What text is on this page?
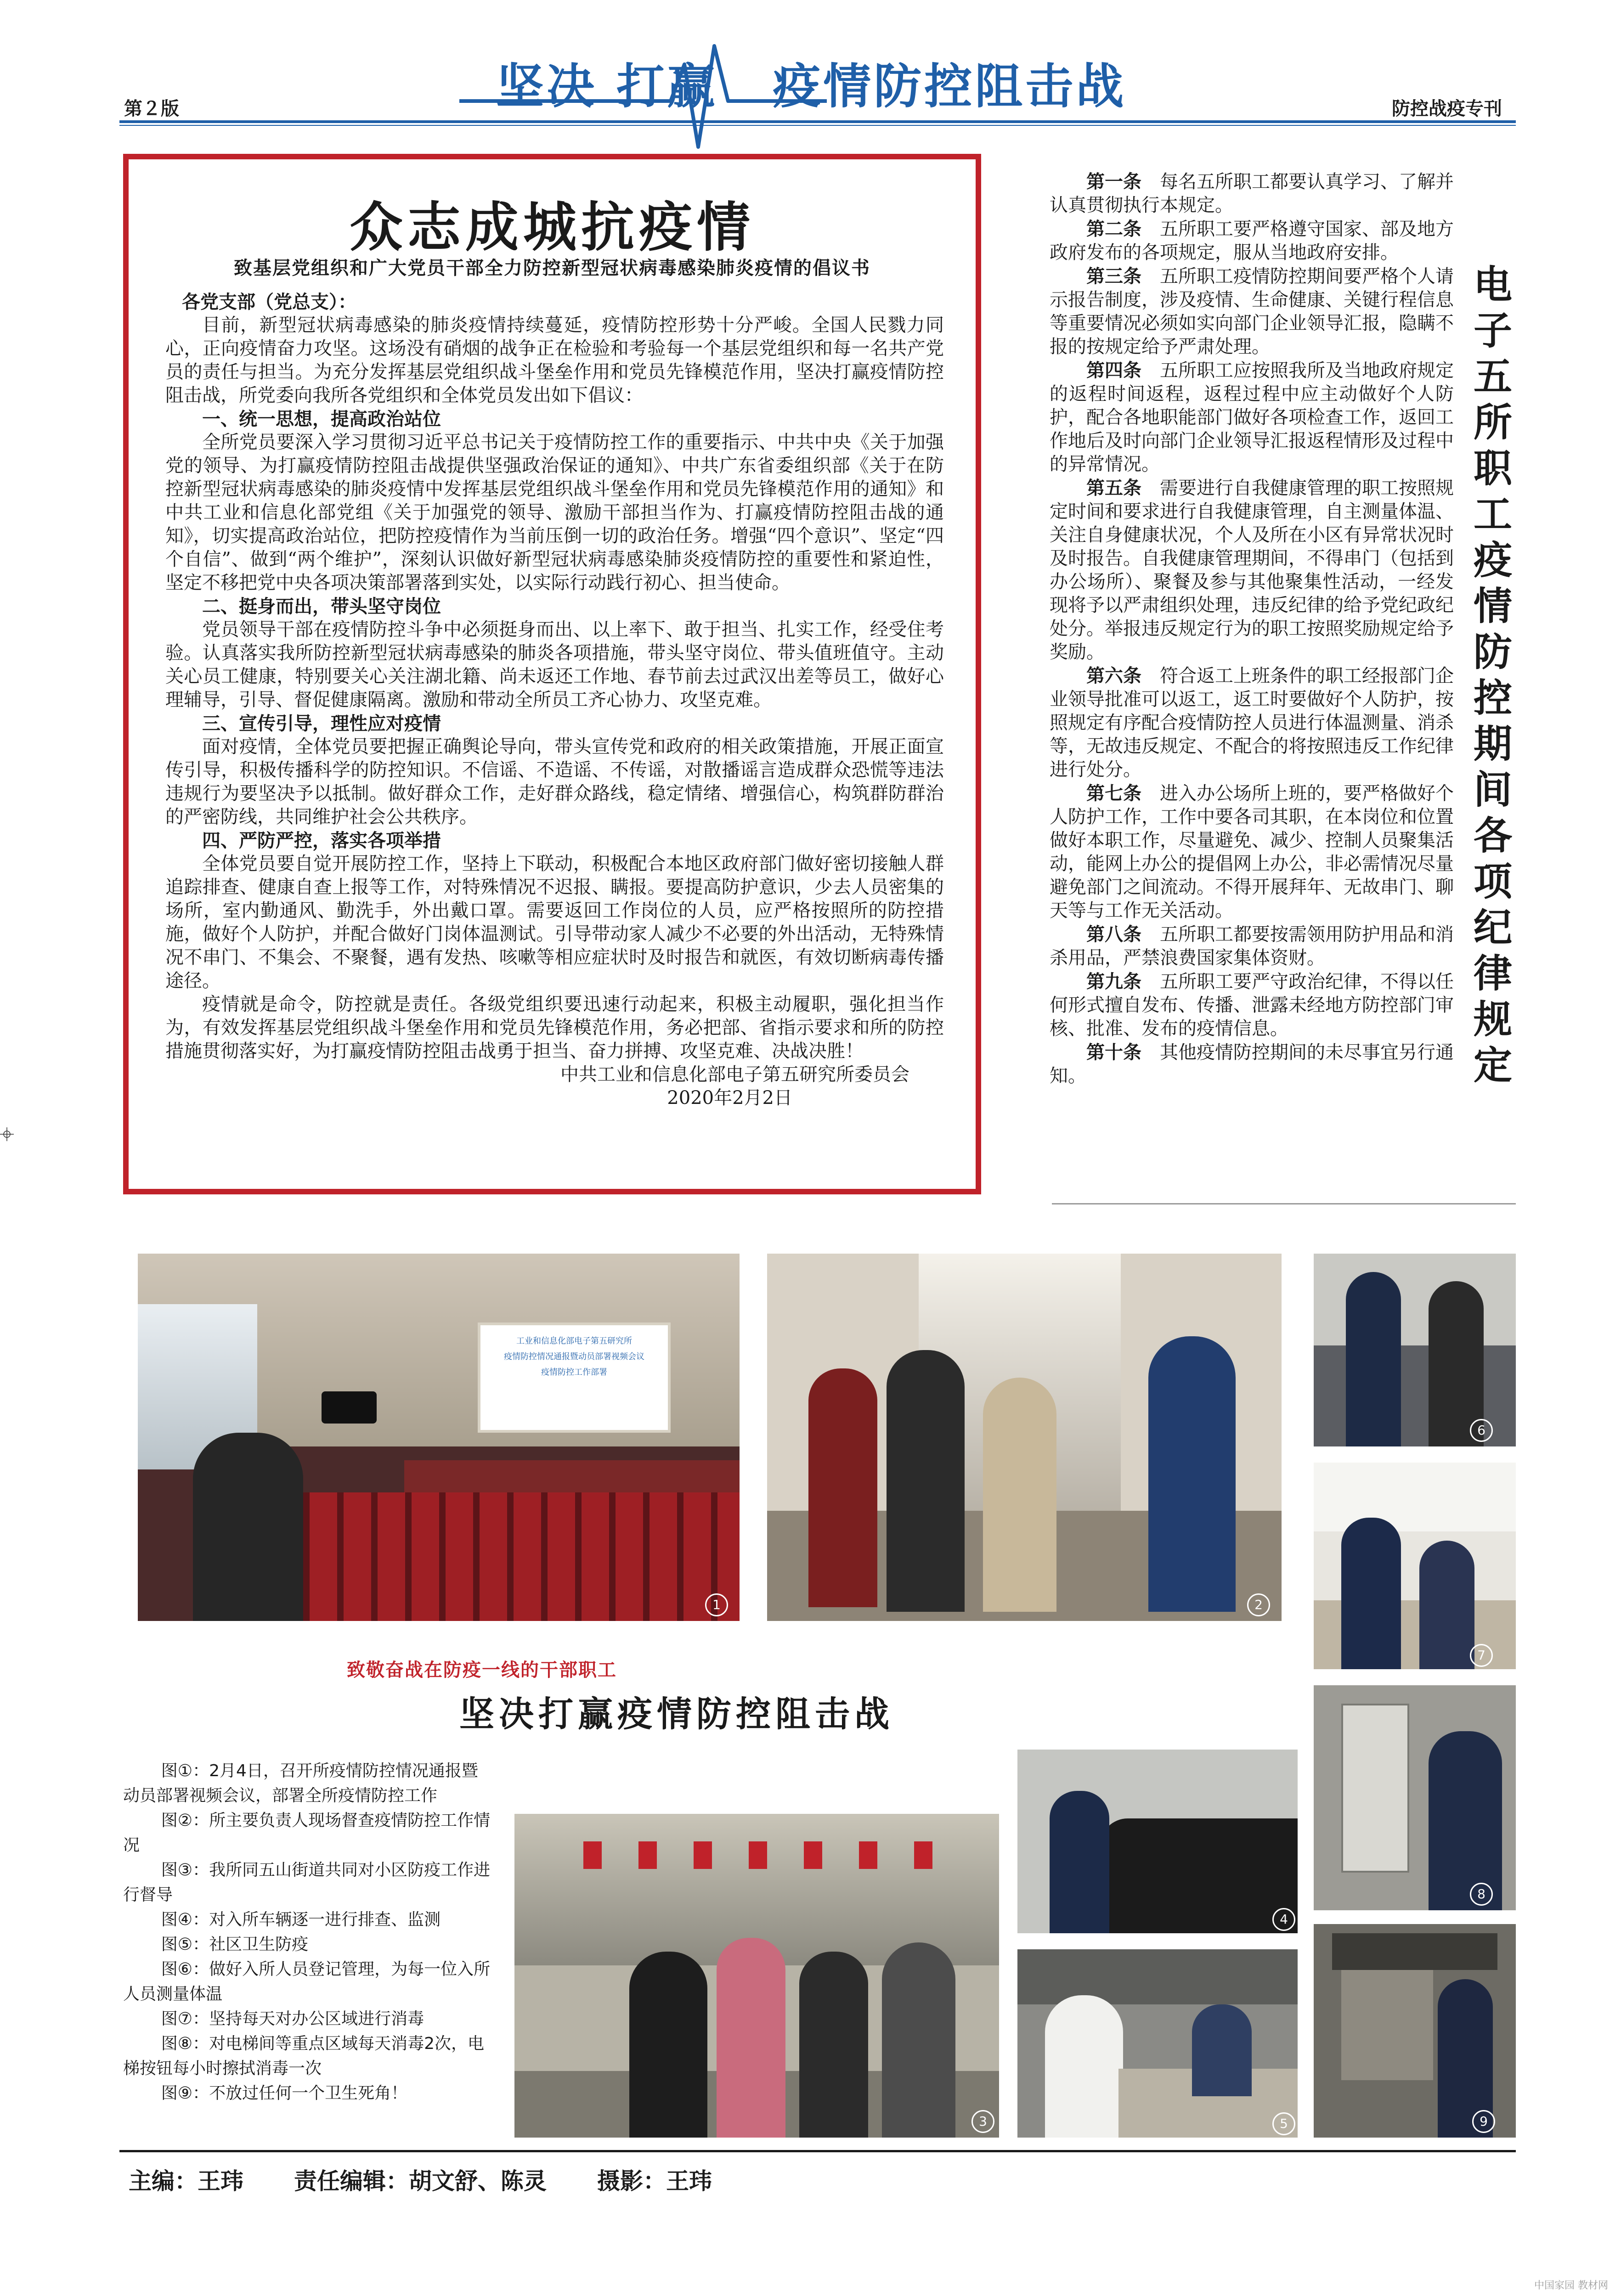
坚决 打赢 疫情防控阻击战
第２版	防控战疫专刊
众志成城抗疫情
致基层党组织和广大党员干部全力防控新型冠状病毒感染肺炎疫情的倡议书

各党支部（党总支）：

目前，新型冠状病毒感染的肺炎疫情持续蔓延，疫情防控形势十分严峻。全国人民戮力同心，正向疫情奋力攻坚。这场没有硝烟的战争正在检验和考验每一个基层党组织和每一名共产党员的责任与担当。为充分发挥基层党组织战斗堡垒作用和党员先锋模范作用，坚决打赢疫情防控阻击战，所党委向我所各党组织和全体党员发出如下倡议：

一、统一思想，提高政治站位

全所党员要深入学习贯彻习近平总书记关于疫情防控工作的重要指示、中共中央《关于加强党的领导、为打赢疫情防控阻击战提供坚强政治保证的通知》、中共广东省委组织部《关于在防控新型冠状病毒感染的肺炎疫情中发挥基层党组织战斗堡垒作用和党员先锋模范作用的通知》和中共工业和信息化部党组《关于加强党的领导、激励干部担当作为、打赢疫情防控阻击战的通知》，切实提高政治站位，把防控疫情作为当前压倒一切的政治任务。增强“四个意识”、坚定“四个自信”、做到“两个维护”，深刻认识做好新型冠状病毒感染肺炎疫情防控的重要性和紧迫性，坚定不移把党中央各项决策部署落到实处，以实际行动践行初心、担当使命。

二、挺身而出，带头坚守岗位

党员领导干部在疫情防控斗争中必须挺身而出、以上率下、敢于担当、扎实工作，经受住考验。认真落实我所防控新型冠状病毒感染的肺炎各项措施，带头坚守岗位、带头值班值守。主动关心员工健康，特别要关心关注湖北籍、尚未返还工作地、春节前去过武汉出差等员工，做好心理辅导，引导、督促健康隔离。激励和带动全所员工齐心协力、攻坚克难。

三、宣传引导，理性应对疫情

面对疫情，全体党员要把握正确舆论导向，带头宣传党和政府的相关政策措施，开展正面宣传引导，积极传播科学的防控知识。不信谣、不造谣、不传谣，对散播谣言造成群众恐慌等违法违规行为要坚决予以抵制。做好群众工作，走好群众路线，稳定情绪、增强信心，构筑群防群治的严密防线，共同维护社会公共秩序。

四、严防严控，落实各项举措

全体党员要自觉开展防控工作，坚持上下联动，积极配合本地区政府部门做好密切接触人群追踪排查、健康自查上报等工作，对特殊情况不迟报、瞒报。要提高防护意识，少去人员密集的场所，室内勤通风、勤洗手，外出戴口罩。需要返回工作岗位的人员，应严格按照所的防控措施，做好个人防护，并配合做好门岗体温测试。引导带动家人减少不必要的外出活动，无特殊情况不串门、不集会、不聚餐，遇有发热、咳嗽等相应症状时及时报告和就医，有效切断病毒传播途径。

疫情就是命令，防控就是责任。各级党组织要迅速行动起来，积极主动履职，强化担当作为，有效发挥基层党组织战斗堡垒作用和党员先锋模范作用，务必把部、省指示要求和所的防控措施贯彻落实好，为打赢疫情防控阻击战勇于担当、奋力拼搏、攻坚克难、决战决胜！

中共工业和信息化部电子第五研究所委员会

2020年2月2日

第一条　 每名五所职工都要认真学习、了解并认真贯彻执行本规定。

第二条　 五所职工要严格遵守国家、部及地方政府发布的各项规定，服从当地政府安排。

第三条　 五所职工疫情防控期间要严格个人请示报告制度，涉及疫情、生命健康、关键行程信息等重要情况必须如实向部门企业领导汇报，隐瞒不报的按规定给予严肃处理。

第四条　 五所职工应按照我所及当地政府规定的返程时间返程，返程过程中应主动做好个人防护，配合各地职能部门做好各项检查工作，返回工作地后及时向部门企业领导汇报返程情形及过程中的异常情况。

第五条　 需要进行自我健康管理的职工按照规定时间和要求进行自我健康管理，自主测量体温、关注自身健康状况，个人及所在小区有异常状况时及时报告。自我健康管理期间，不得串门（包括到办公场所）、聚餐及参与其他聚集性活动，一经发现将予以严肃组织处理，违反纪律的给予党纪政纪处分。举报违反规定行为的职工按照奖励规定给予奖励。

第六条　 符合返工上班条件的职工经报部门企业领导批准可以返工，返工时要做好个人防护，按照规定有序配合疫情防控人员进行体温测量、消杀等，无故违反规定、不配合的将按照违反工作纪律进行处分。

第七条　 进入办公场所上班的，要严格做好个人防护工作，工作中要各司其职，在本岗位和位置做好本职工作，尽量避免、减少、控制人员聚集活动，能网上办公的提倡网上办公，非必需情况尽量避免部门之间流动。不得开展拜年、无故串门、聊天等与工作无关活动。

第八条　 五所职工都要按需领用防护用品和消杀用品，严禁浪费国家集体资财。

第九条　 五所职工要严守政治纪律，不得以任何形式擅自发布、传播、泄露未经地方防控部门审核、批准、发布的疫情信息。

第十条　 其他疫情防控期间的未尽事宜另行通知。

电子五所职工疫情防控期间各项纪律规定
工业和信息化部电子第五研究所
疫情防控情况通报暨动员部署视频会议
疫情防控工作部署
1	2
6
7
8
4
5	9
3
致敬奋战在防疫一线的干部职工
坚决打赢疫情防控阻击战

图①：2月4日，召开所疫情防控情况通报暨动员部署视频会议，部署全所疫情防控工作

图②：所主要负责人现场督查疫情防控工作情况

图③：我所同五山街道共同对小区防疫工作进行督导

图④：对入所车辆逐一进行排查、监测

图⑤：社区卫生防疫

图⑥：做好入所人员登记管理，为每一位入所人员测量体温

图⑦：坚持每天对办公区域进行消毒

图⑧：对电梯间等重点区域每天消毒2次，电梯按钮每小时擦拭消毒一次

图⑨：不放过任何一个卫生死角！

主编：王玮 责任编辑：胡文舒、陈灵 摄影：王玮
中国家园 教材网
